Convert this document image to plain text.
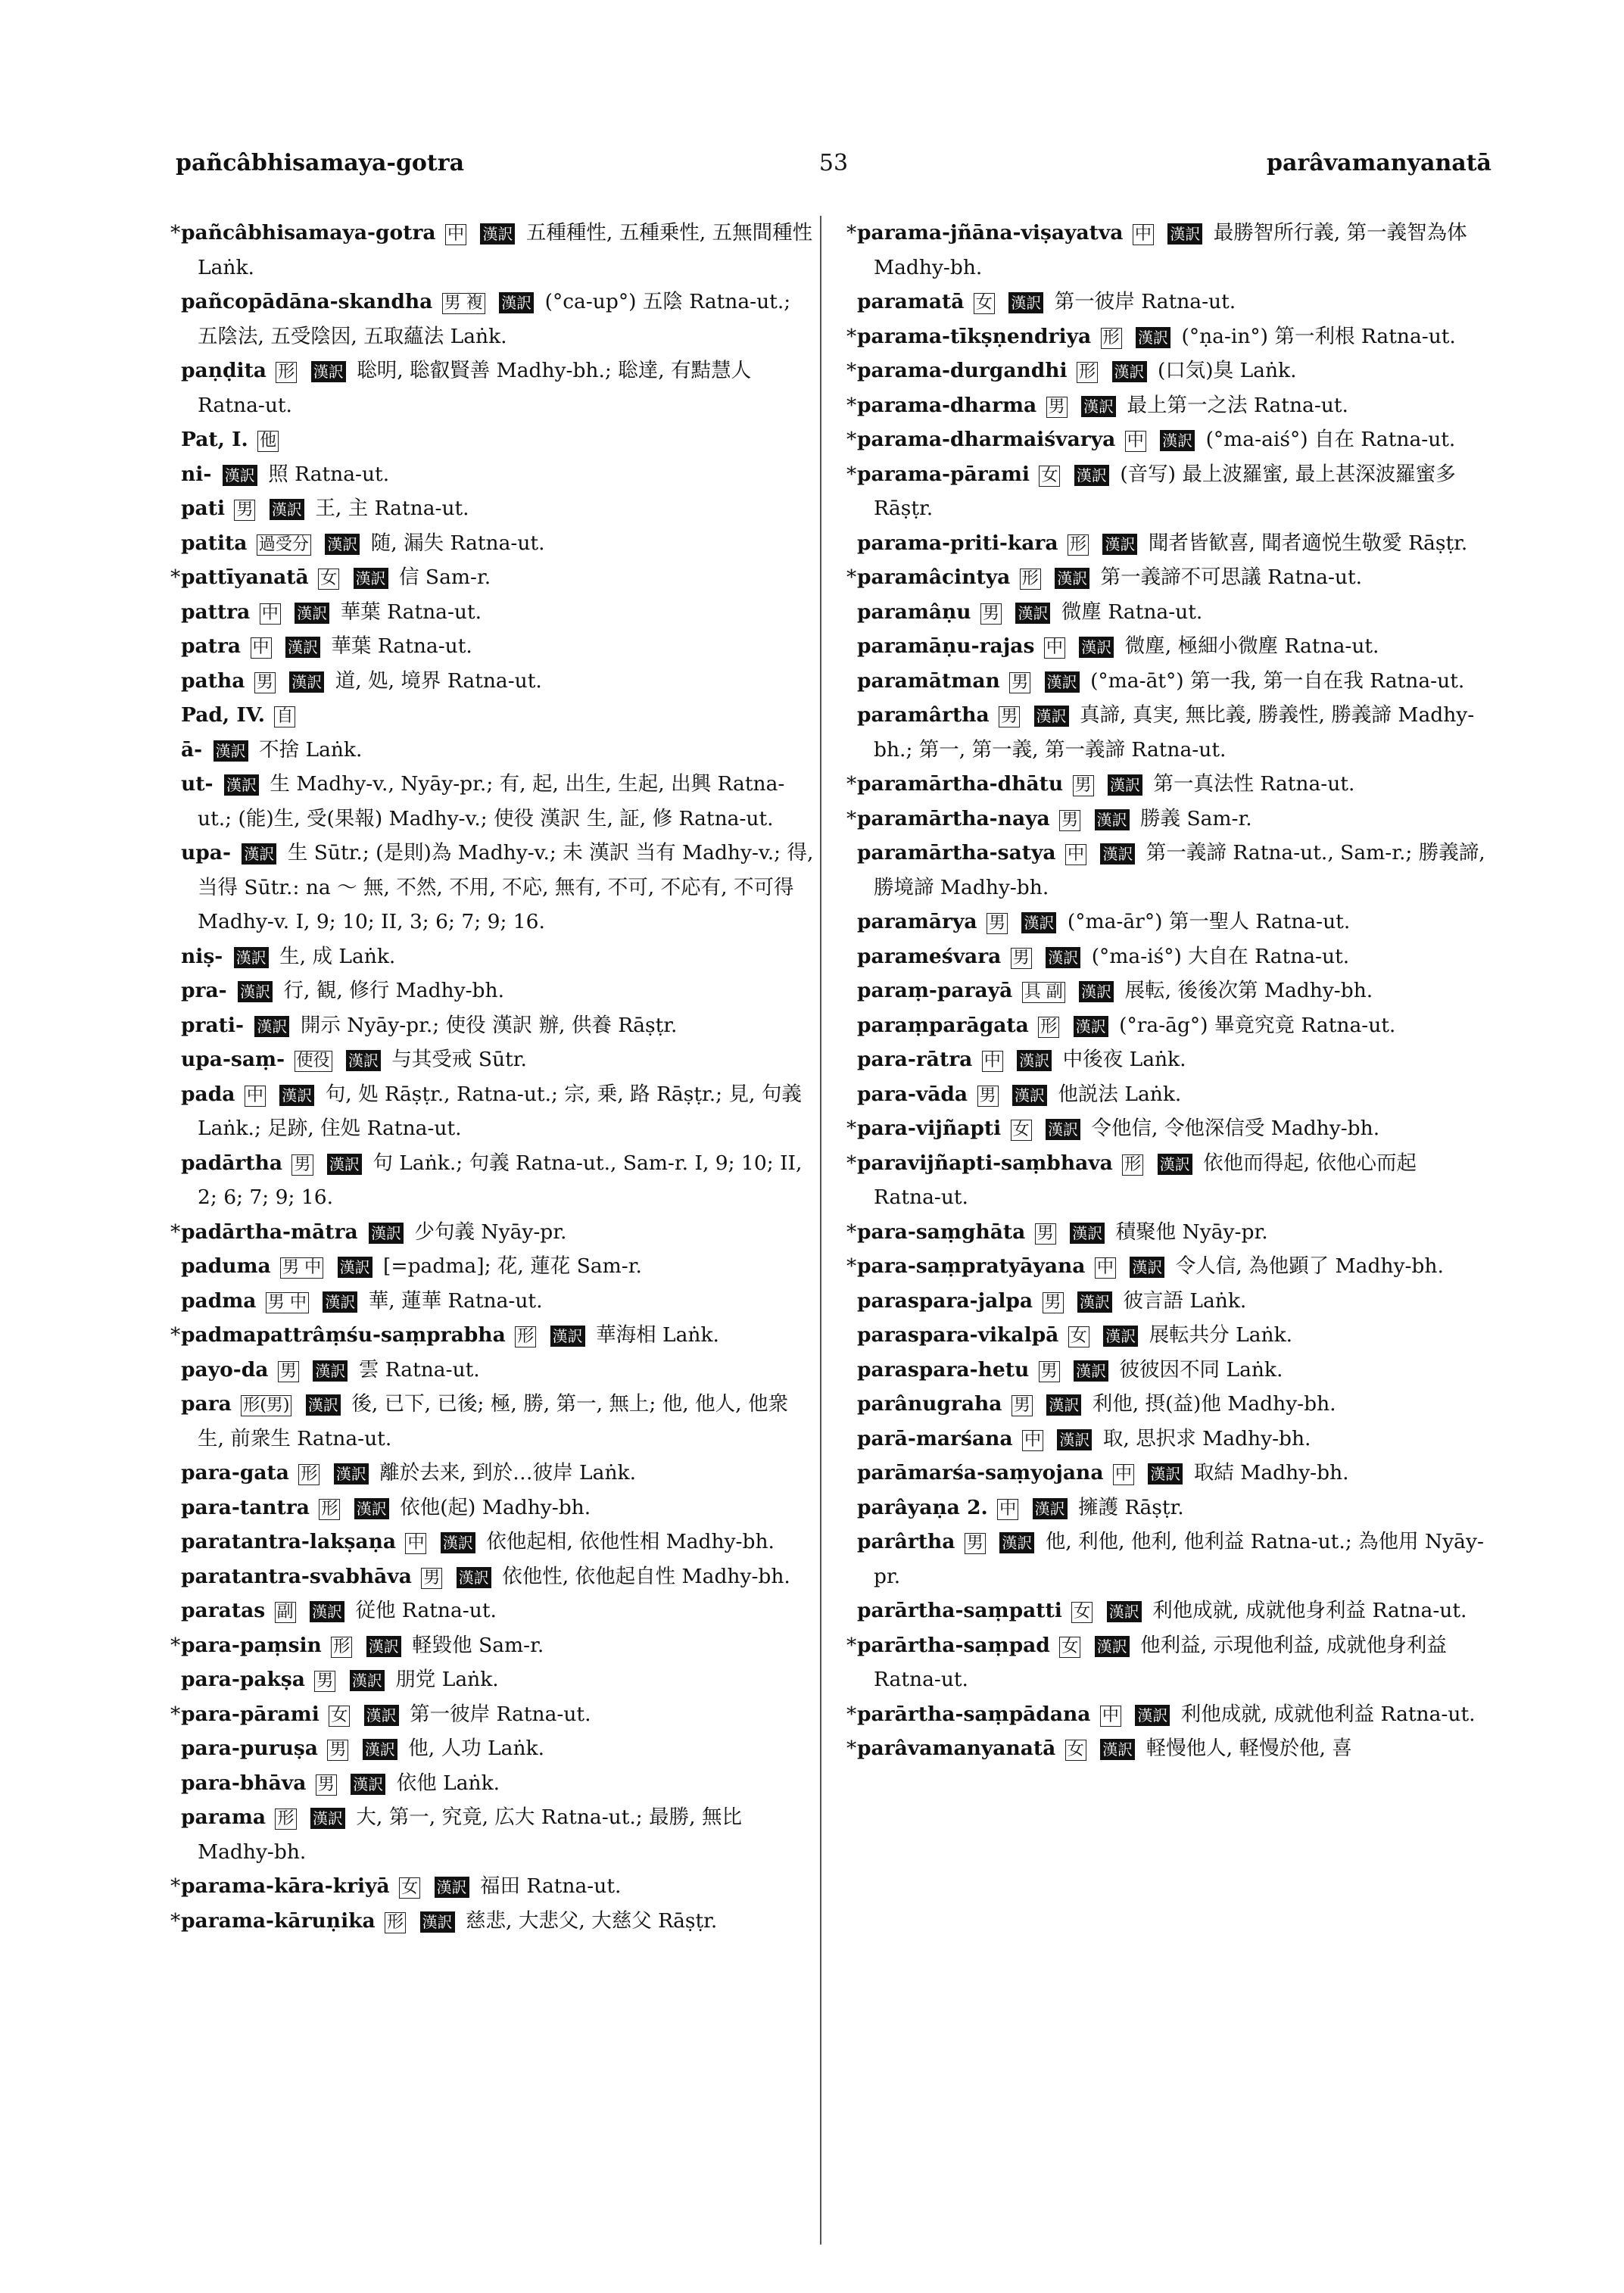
pañcâbhisamaya-gotra	53	parâvamanyanatā

*pañcâbhisamaya-gotra 中 漢訳 五種種性, 五種乗性, 五無間種性 Laṅk.

pañcopādāna-skandha 男 複 漢訳 (°ca-up°) 五陰 Ratna-ut.; 五陰法, 五受陰因, 五取蘊法 Laṅk.

paṇḍita 形 漢訳 聡明, 聡叡賢善 Madhy-bh.; 聡達, 有黠慧人 Ratna-ut.

Pat, I. 他

ni- 漢訳 照 Ratna-ut.

pati 男 漢訳 王, 主 Ratna-ut.

patita 過受分 漢訳 随, 漏失 Ratna-ut.

*pattīyanatā 女 漢訳 信 Sam-r.

pattra 中 漢訳 華葉 Ratna-ut.

patra 中 漢訳 華葉 Ratna-ut.

patha 男 漢訳 道, 処, 境界 Ratna-ut.

Pad, IV. 自

ā- 漢訳 不捨 Laṅk.

ut- 漢訳 生 Madhy-v., Nyāy-pr.; 有, 起, 出生, 生起, 出興 Ratna-ut.; (能)生, 受(果報) Madhy-v.; 使役 漢訳 生, 証, 修 Ratna-ut.

upa- 漢訳 生 Sūtr.; (是則)為 Madhy-v.; 未 漢訳 当有 Madhy-v.; 得, 当得 Sūtr.: na ～ 無, 不然, 不用, 不応, 無有, 不可, 不応有, 不可得 Madhy-v. I, 9; 10; II, 3; 6; 7; 9; 16.

niṣ- 漢訳 生, 成 Laṅk.

pra- 漢訳 行, 観, 修行 Madhy-bh.

prati- 漢訳 開示 Nyāy-pr.; 使役 漢訳 辦, 供養 Rāṣṭr.

upa-saṃ- 使役 漢訳 与其受戒 Sūtr.

pada 中 漢訳 句, 処 Rāṣṭr., Ratna-ut.; 宗, 乗, 路 Rāṣṭr.; 見, 句義 Laṅk.; 足跡, 住処 Ratna-ut.

padārtha 男 漢訳 句 Laṅk.; 句義 Ratna-ut., Sam-r. I, 9; 10; II, 2; 6; 7; 9; 16.

*padārtha-mātra 漢訳 少句義 Nyāy-pr.

paduma 男 中 漢訳 [=padma]; 花, 蓮花 Sam-r.

padma 男 中 漢訳 華, 蓮華 Ratna-ut.

*padmapattrâṃśu-saṃprabha 形 漢訳 華海相 Laṅk.

payo-da 男 漢訳 雲 Ratna-ut.

para 形(男) 漢訳 後, 已下, 已後; 極, 勝, 第一, 無上; 他, 他人, 他衆生, 前衆生 Ratna-ut.

para-gata 形 漢訳 離於去来, 到於…彼岸 Laṅk.

para-tantra 形 漢訳 依他(起) Madhy-bh.

paratantra-lakṣaṇa 中 漢訳 依他起相, 依他性相 Madhy-bh.

paratantra-svabhāva 男 漢訳 依他性, 依他起自性 Madhy-bh.

paratas 副 漢訳 従他 Ratna-ut.

*para-paṃsin 形 漢訳 軽毀他 Sam-r.

para-pakṣa 男 漢訳 朋党 Laṅk.

*para-pārami 女 漢訳 第一彼岸 Ratna-ut.

para-puruṣa 男 漢訳 他, 人功 Laṅk.

para-bhāva 男 漢訳 依他 Laṅk.

parama 形 漢訳 大, 第一, 究竟, 広大 Ratna-ut.; 最勝, 無比 Madhy-bh.

*parama-kāra-kriyā 女 漢訳 福田 Ratna-ut.

*parama-kāruṇika 形 漢訳 慈悲, 大悲父, 大慈父 Rāṣṭr.

*parama-jñāna-viṣayatva 中 漢訳 最勝智所行義, 第一義智為体 Madhy-bh.

paramatā 女 漢訳 第一彼岸 Ratna-ut.

*parama-tīkṣṇendriya 形 漢訳 (°ṇa-in°) 第一利根 Ratna-ut.

*parama-durgandhi 形 漢訳 (口気)臭 Laṅk.

*parama-dharma 男 漢訳 最上第一之法 Ratna-ut.

*parama-dharmaiśvarya 中 漢訳 (°ma-aiś°) 自在 Ratna-ut.

*parama-pārami 女 漢訳 (音写) 最上波羅蜜, 最上甚深波羅蜜多 Rāṣṭr.

parama-priti-kara 形 漢訳 聞者皆歓喜, 聞者適悦生敬愛 Rāṣṭr.

*paramâcintya 形 漢訳 第一義諦不可思議 Ratna-ut.

paramâṇu 男 漢訳 微塵 Ratna-ut.

paramāṇu-rajas 中 漢訳 微塵, 極細小微塵 Ratna-ut.

paramātman 男 漢訳 (°ma-āt°) 第一我, 第一自在我 Ratna-ut.

paramârtha 男 漢訳 真諦, 真実, 無比義, 勝義性, 勝義諦 Madhy-bh.; 第一, 第一義, 第一義諦 Ratna-ut.

*paramārtha-dhātu 男 漢訳 第一真法性 Ratna-ut.

*paramārtha-naya 男 漢訳 勝義 Sam-r.

paramārtha-satya 中 漢訳 第一義諦 Ratna-ut., Sam-r.; 勝義諦, 勝境諦 Madhy-bh.

paramārya 男 漢訳 (°ma-ār°) 第一聖人 Ratna-ut.

parameśvara 男 漢訳 (°ma-iś°) 大自在 Ratna-ut.

paraṃ-parayā 具 副 漢訳 展転, 後後次第 Madhy-bh.

paraṃparāgata 形 漢訳 (°ra-āg°) 畢竟究竟 Ratna-ut.

para-rātra 中 漢訳 中後夜 Laṅk.

para-vāda 男 漢訳 他説法 Laṅk.

*para-vijñapti 女 漢訳 令他信, 令他深信受 Madhy-bh.

*paravijñapti-saṃbhava 形 漢訳 依他而得起, 依他心而起 Ratna-ut.

*para-saṃghāta 男 漢訳 積聚他 Nyāy-pr.

*para-saṃpratyāyana 中 漢訳 令人信, 為他顕了 Madhy-bh.

paraspara-jalpa 男 漢訳 彼言語 Laṅk.

paraspara-vikalpā 女 漢訳 展転共分 Laṅk.

paraspara-hetu 男 漢訳 彼彼因不同 Laṅk.

parânugraha 男 漢訳 利他, 摂(益)他 Madhy-bh.

parā-marśana 中 漢訳 取, 思択求 Madhy-bh.

parāmarśa-saṃyojana 中 漢訳 取結 Madhy-bh.

parâyaṇa 2. 中 漢訳 擁護 Rāṣṭr.

parârtha 男 漢訳 他, 利他, 他利, 他利益 Ratna-ut.; 為他用 Nyāy-pr.

parārtha-saṃpatti 女 漢訳 利他成就, 成就他身利益 Ratna-ut.

*parārtha-saṃpad 女 漢訳 他利益, 示現他利益, 成就他身利益 Ratna-ut.

*parārtha-saṃpādana 中 漢訳 利他成就, 成就他利益 Ratna-ut.

*parâvamanyanatā 女 漢訳 軽慢他人, 軽慢於他, 喜
